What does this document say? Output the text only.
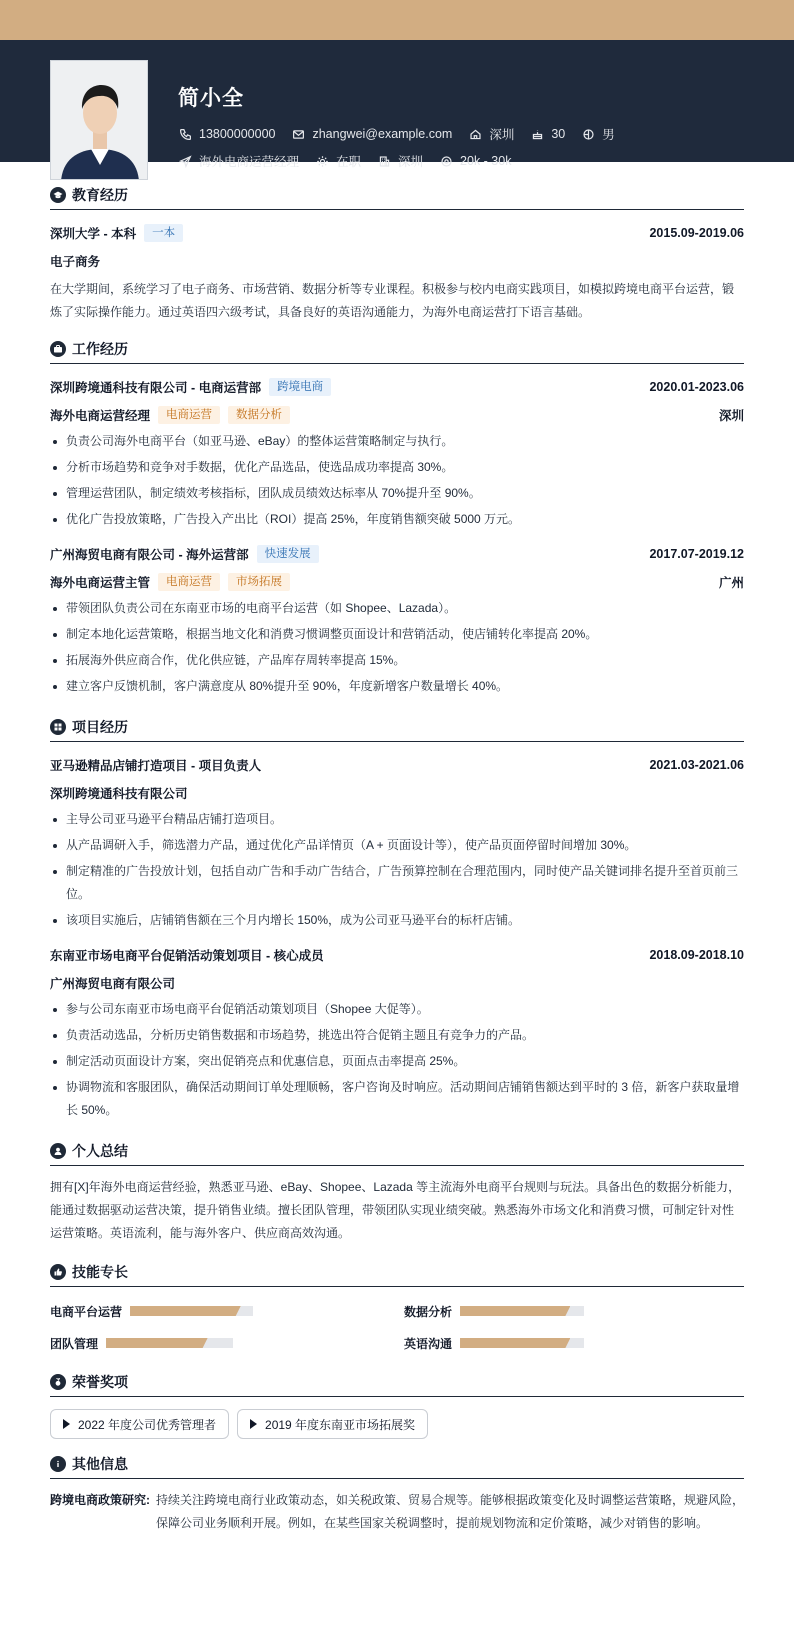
简小全
13800000000	zhangwei@example.com	深圳	30	男
海外电商运营经理	在职	深圳	20k - 30k
教育经历
深圳大学 - 本科	一本	2015.09-2019.06
电子商务
在大学期间，系统学习了电子商务、市场营销、数据分析等专业课程。积极参与校内电商实践项目，如模拟跨境电商平台运营，锻炼了实际操作能力。通过英语四六级考试，具备良好的英语沟通能力，为海外电商运营打下语言基础。
工作经历
深圳跨境通科技有限公司 - 电商运营部	跨境电商	2020.01-2023.06
海外电商运营经理	电商运营	数据分析	深圳
负责公司海外电商平台（如亚马逊、eBay）的整体运营策略制定与执行。
分析市场趋势和竞争对手数据，优化产品选品，使选品成功率提高 30%。
管理运营团队，制定绩效考核指标，团队成员绩效达标率从 70%提升至 90%。
优化广告投放策略，广告投入产出比（ROI）提高 25%，年度销售额突破 5000 万元。
广州海贸电商有限公司 - 海外运营部	快速发展	2017.07-2019.12
海外电商运营主管	电商运营	市场拓展	广州
带领团队负责公司在东南亚市场的电商平台运营（如 Shopee、Lazada）。
制定本地化运营策略，根据当地文化和消费习惯调整页面设计和营销活动，使店铺转化率提高 20%。
拓展海外供应商合作，优化供应链，产品库存周转率提高 15%。
建立客户反馈机制，客户满意度从 80%提升至 90%，年度新增客户数量增长 40%。
项目经历
亚马逊精品店铺打造项目 - 项目负责人	2021.03-2021.06
深圳跨境通科技有限公司
主导公司亚马逊平台精品店铺打造项目。
从产品调研入手，筛选潜力产品，通过优化产品详情页（A + 页面设计等），使产品页面停留时间增加 30%。
制定精准的广告投放计划，包括自动广告和手动广告结合，广告预算控制在合理范围内，同时使产品关键词排名提升至首页前三位。
该项目实施后，店铺销售额在三个月内增长 150%，成为公司亚马逊平台的标杆店铺。
东南亚市场电商平台促销活动策划项目 - 核心成员	2018.09-2018.10
广州海贸电商有限公司
参与公司东南亚市场电商平台促销活动策划项目（Shopee 大促等）。
负责活动选品，分析历史销售数据和市场趋势，挑选出符合促销主题且有竞争力的产品。
制定活动页面设计方案，突出促销亮点和优惠信息，页面点击率提高 25%。
协调物流和客服团队，确保活动期间订单处理顺畅，客户咨询及时响应。活动期间店铺销售额达到平时的 3 倍，新客户获取量增长 50%。
个人总结
拥有[X]年海外电商运营经验，熟悉亚马逊、eBay、Shopee、Lazada 等主流海外电商平台规则与玩法。具备出色的数据分析能力，能通过数据驱动运营决策，提升销售业绩。擅长团队管理，带领团队实现业绩突破。熟悉海外市场文化和消费习惯，可制定针对性运营策略。英语流利，能与海外客户、供应商高效沟通。
技能专长
电商平台运营	数据分析
团队管理	英语沟通
荣誉奖项
2022 年度公司优秀管理者	2019 年度东南亚市场拓展奖
其他信息
跨境电商政策研究: 持续关注跨境电商行业政策动态，如关税政策、贸易合规等。能够根据政策变化及时调整运营策略，规避风险，保障公司业务顺利开展。例如，在某些国家关税调整时，提前规划物流和定价策略，减少对销售的影响。
